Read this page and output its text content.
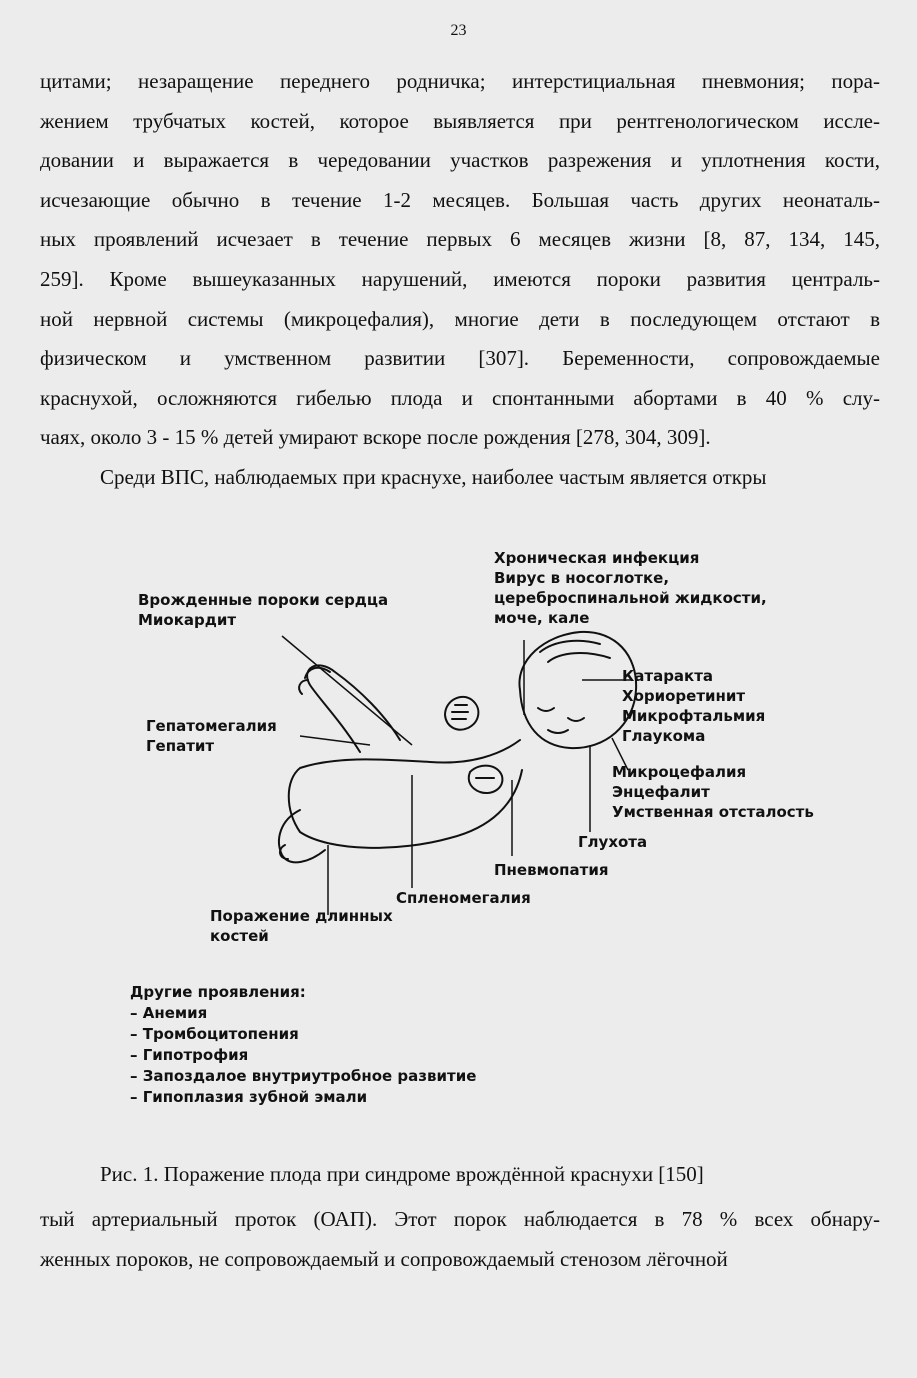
23
цитами; незаращение переднего родничка; интерстициальная пневмония; пора-
жением трубчатых костей, которое выявляется при рентгенологическом иссле-
довании и выражается в чередовании участков разрежения и уплотнения кости,
исчезающие обычно в течение 1-2 месяцев. Большая часть других неонаталь-
ных проявлений исчезает в течение первых 6 месяцев жизни [8, 87, 134, 145,
259]. Кроме вышеуказанных нарушений, имеются пороки развития централь-
ной нервной системы (микроцефалия), многие дети в последующем отстают в
физическом и умственном развитии [307]. Беременности, сопровождаемые
краснухой, осложняются гибелью плода и спонтанными абортами в 40 % слу-
чаях, около 3 - 15 % детей умирают вскоре после рождения [278, 304, 309].
Среди ВПС, наблюдаемых при краснухе, наиболее частым является откры
Врожденные пороки сердца
Миокардит
Хроническая инфекция
Вирус в носоглотке,
цереброспинальной жидкости,
моче, кале
Катаракта
Хориоретинит
Микрофтальмия
Глаукома
Гепатомегалия
Гепатит
Микроцефалия
Энцефалит
Умственная отсталость
Глухота
Пневмопатия
Спленомегалия
Поражение длинных
костей
Другие проявления:
– Анемия
– Тромбоцитопения
– Гипотрофия
– Запоздалое внутриутробное развитие
– Гипоплазия зубной эмали
Рис. 1. Поражение плода при синдроме врождённой краснухи [150]
тый артериальный проток (ОАП). Этот порок наблюдается в 78 % всех обнару-
женных пороков, не сопровождаемый и сопровождаемый стенозом лёгочной
